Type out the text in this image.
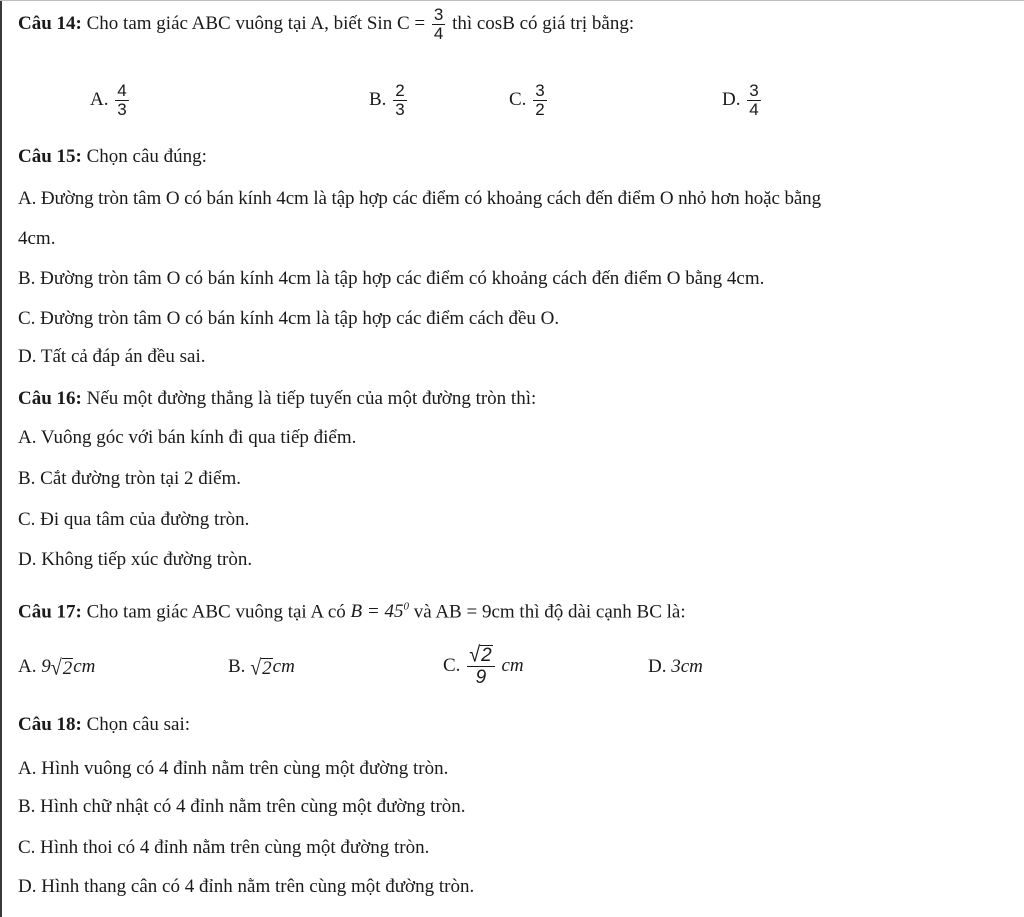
Câu 14: Cho tam giác ABC vuông tại A, biết Sin $C = \frac{3}{4}$ thì cosB có giá trị bằng:
A. $\frac{4}{3}$	B. $\frac{2}{3}$	C. $\frac{3}{2}$	D. $\frac{3}{4}$
Câu 15: Chọn câu đúng:
A. Đường tròn tâm O có bán kính 4cm là tập hợp các điểm có khoảng cách đến điểm O nhỏ hơn hoặc bằng
4cm.
B. Đường tròn tâm O có bán kính 4cm là tập hợp các điểm có khoảng cách đến điểm O bằng 4cm.
C. Đường tròn tâm O có bán kính 4cm là tập hợp các điểm cách đều O.
D. Tất cả đáp án đều sai.
Câu 16: Nếu một đường thẳng là tiếp tuyến của một đường tròn thì:
A. Vuông góc với bán kính đi qua tiếp điểm.
B. Cắt đường tròn tại 2 điểm.
C. Đi qua tâm của đường tròn.
D. Không tiếp xúc đường tròn.
Câu 17: Cho tam giác ABC vuông tại A có $B = 45^0$ và AB = 9cm thì độ dài cạnh BC là:
A. 9 √ 2 cm	B. √ 2 cm	C. $\frac{√ 2}{9}$ cm	D. 3cm
Câu 18: Chọn câu sai:
A. Hình vuông có 4 đỉnh nằm trên cùng một đường tròn.
B. Hình chữ nhật có 4 đỉnh nằm trên cùng một đường tròn.
C. Hình thoi có 4 đỉnh nằm trên cùng một đường tròn.
D. Hình thang cân có 4 đỉnh nằm trên cùng một đường tròn.
